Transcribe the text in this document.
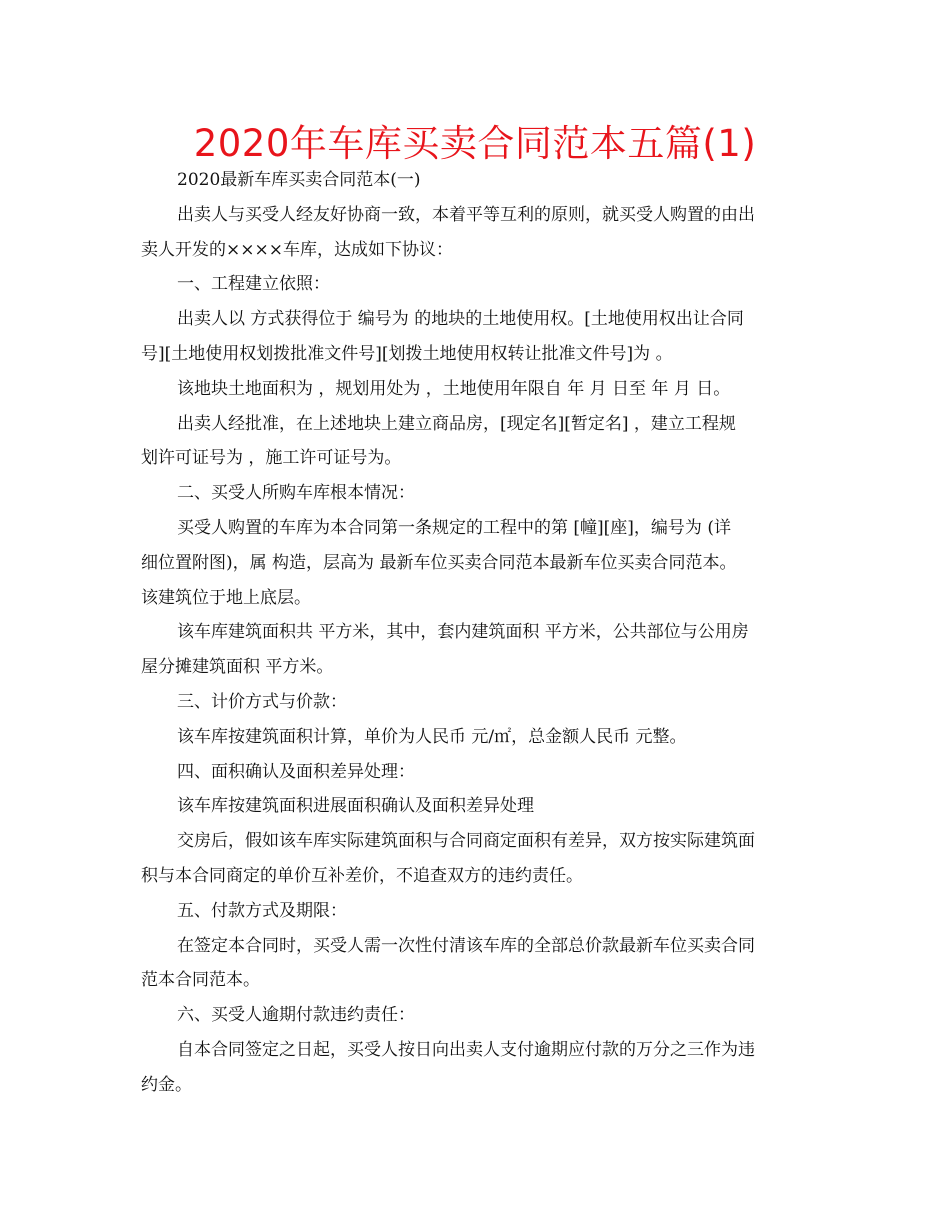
2020年车库买卖合同范本五篇(1)
2020最新车库买卖合同范本(一)
出卖人与买受人经友好协商一致，本着平等互利的原则，就买受人购置的由出
卖人开发的××××车库，达成如下协议：
一、工程建立依照：
出卖人以 方式获得位于 编号为 的地块的土地使用权。[土地使用权出让合同
号][土地使用权划拨批准文件号][划拨土地使用权转让批准文件号]为 。
该地块土地面积为 ，规划用处为 ，土地使用年限自 年 月 日至 年 月 日。
出卖人经批准，在上述地块上建立商品房，[现定名][暂定名] ，建立工程规
划许可证号为 ，施工许可证号为。
二、买受人所购车库根本情况：
买受人购置的车库为本合同第一条规定的工程中的第 [幢][座]，编号为 (详
细位置附图)，属 构造，层高为 最新车位买卖合同范本最新车位买卖合同范本。
该建筑位于地上底层。
该车库建筑面积共 平方米，其中，套内建筑面积 平方米，公共部位与公用房
屋分摊建筑面积 平方米。
三、计价方式与价款：
该车库按建筑面积计算，单价为人民币 元/㎡，总金额人民币 元整。
四、面积确认及面积差异处理：
该车库按建筑面积进展面积确认及面积差异处理
交房后，假如该车库实际建筑面积与合同商定面积有差异，双方按实际建筑面
积与本合同商定的单价互补差价，不追查双方的违约责任。
五、付款方式及期限：
在签定本合同时，买受人需一次性付清该车库的全部总价款最新车位买卖合同
范本合同范本。
六、买受人逾期付款违约责任：
自本合同签定之日起，买受人按日向出卖人支付逾期应付款的万分之三作为违
约金。
